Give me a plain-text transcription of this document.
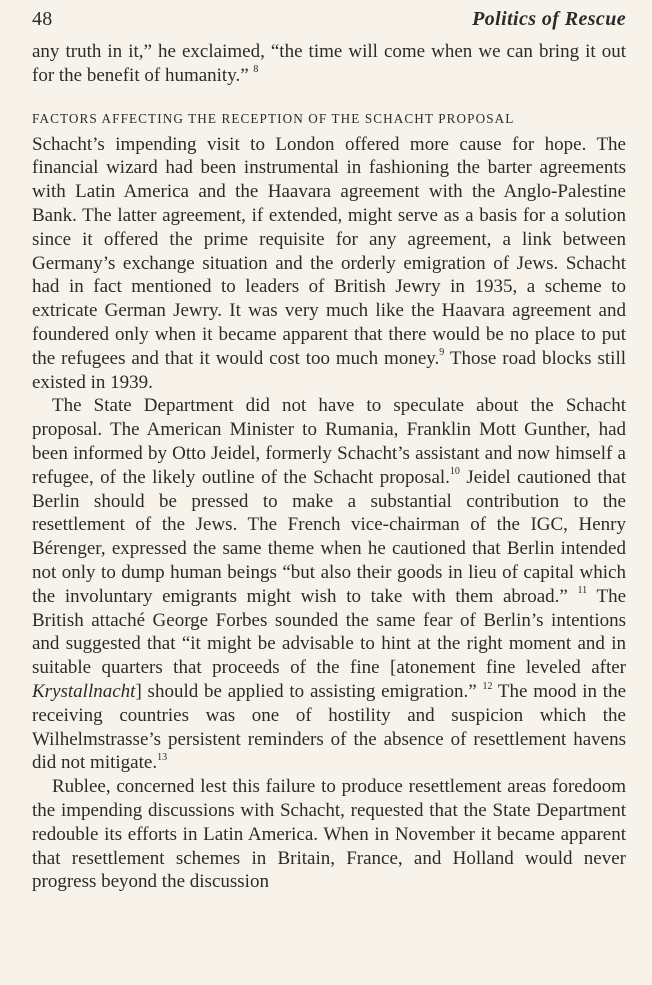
48	Politics of Rescue

any truth in it,” he exclaimed, “the time will come when we can bring it out for the benefit of humanity.” $^8$

FACTORS AFFECTING THE RECEPTION OF THE SCHACHT PROPOSAL

Schacht’s impending visit to London offered more cause for hope. The financial wizard had been instrumental in fashioning the barter agreements with Latin America and the Haavara agreement with the Anglo-Palestine Bank. The latter agreement, if extended, might serve as a basis for a solution since it offered the prime requisite for any agreement, a link between Germany’s exchange situation and the orderly emigration of Jews. Schacht had in fact mentioned to leaders of British Jewry in 1935, a scheme to extricate German Jewry. It was very much like the Haavara agreement and foundered only when it became apparent that there would be no place to put the refugees and that it would cost too much money.$^9$ Those road blocks still existed in 1939.

The State Department did not have to speculate about the Schacht proposal. The American Minister to Rumania, Franklin Mott Gunther, had been informed by Otto Jeidel, formerly Schacht’s assistant and now himself a refugee, of the likely outline of the Schacht proposal.$^{10}$ Jeidel cautioned that Berlin should be pressed to make a substantial contribution to the resettlement of the Jews. The French vice-chairman of the IGC, Henry Bérenger, expressed the same theme when he cautioned that Berlin intended not only to dump human beings “but also their goods in lieu of capital which the involuntary emigrants might wish to take with them abroad.” $^{11}$ The British attaché George Forbes sounded the same fear of Berlin’s intentions and suggested that “it might be advisable to hint at the right moment and in suitable quarters that proceeds of the fine [atonement fine leveled after Krystallnacht] should be applied to assisting emigration.” $^{12}$ The mood in the receiving countries was one of hostility and suspicion which the Wilhelmstrasse’s persistent reminders of the absence of resettlement havens did not mitigate.$^{13}$

Rublee, concerned lest this failure to produce resettlement areas foredoom the impending discussions with Schacht, requested that the State Department redouble its efforts in Latin America. When in November it became apparent that resettlement schemes in Britain, France, and Holland would never progress beyond the discussion
